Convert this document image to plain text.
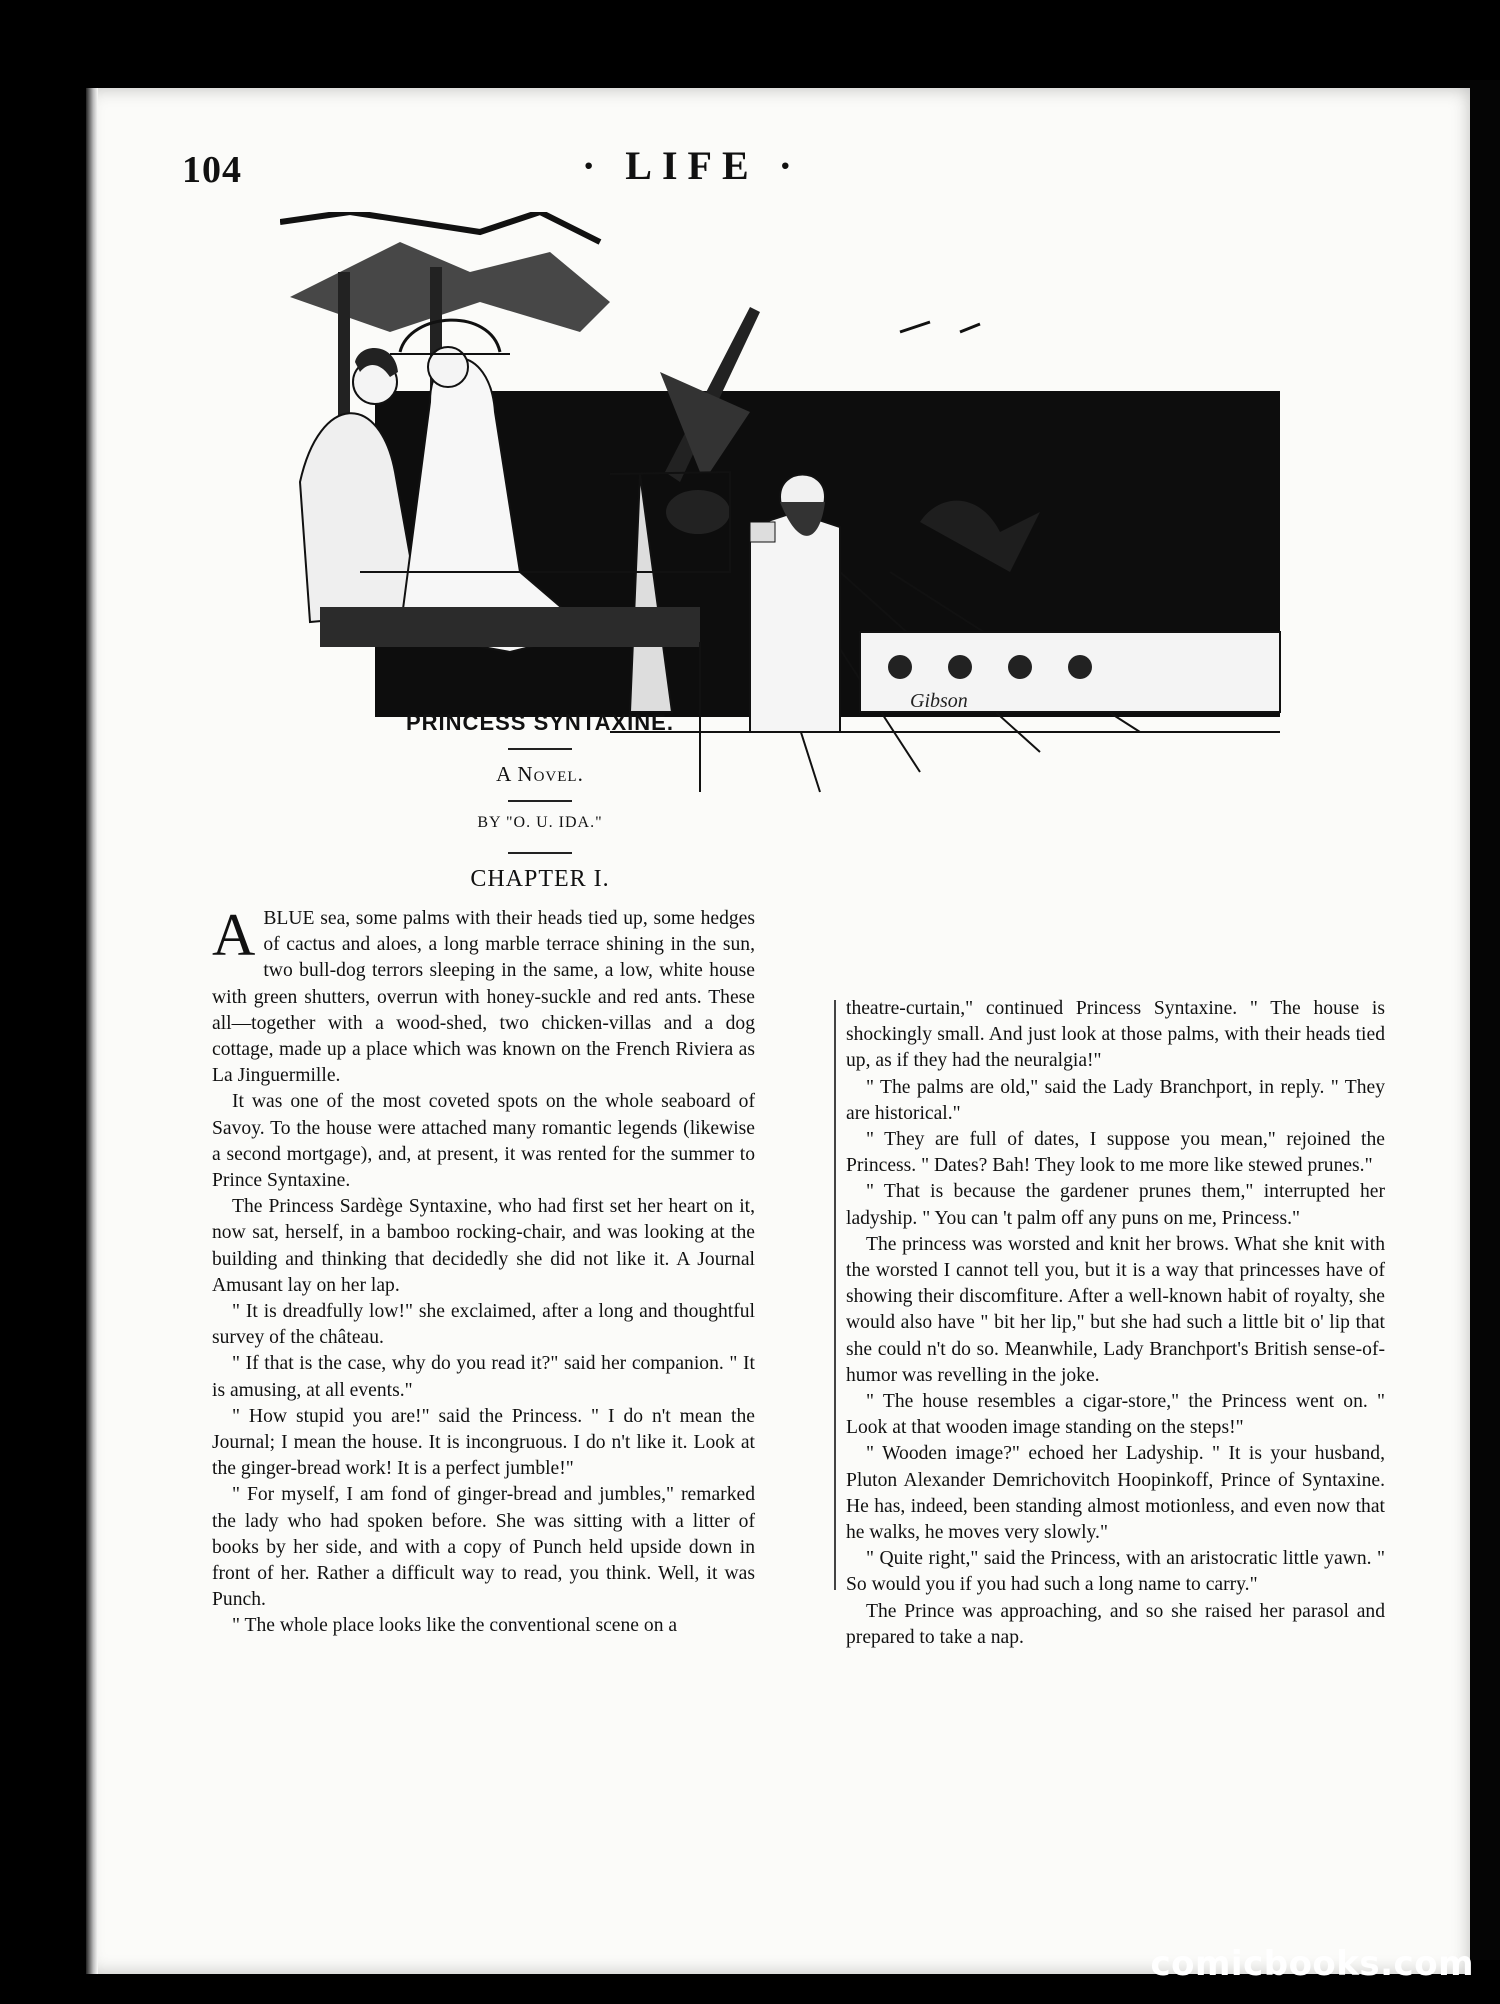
104	· LIFE ·
Gibson
PRINCESS SYNTAXINE.
A Novel.
BY "O. U. IDA."
CHAPTER I.

ABLUE sea, some palms with their heads tied up, some hedges of cactus and aloes, a long marble terrace shining in the sun, two bull-dog terrors sleeping in the same, a low, white house with green shutters, overrun with honey-suckle and red ants. These all—together with a wood-shed, two chicken-villas and a dog cottage, made up a place which was known on the French Riviera as La Jinguermille.

It was one of the most coveted spots on the whole seaboard of Savoy. To the house were attached many romantic legends (likewise a second mortgage), and, at present, it was rented for the summer to Prince Syntaxine.

The Princess Sardège Syntaxine, who had first set her heart on it, now sat, herself, in a bamboo rocking-chair, and was looking at the building and thinking that decidedly she did not like it. A Journal Amusant lay on her lap.

" It is dreadfully low!" she exclaimed, after a long and thoughtful survey of the château.

" If that is the case, why do you read it?" said her companion. " It is amusing, at all events."

" How stupid you are!" said the Princess. " I do n't mean the Journal; I mean the house. It is incongruous. I do n't like it. Look at the ginger-bread work! It is a perfect jumble!"

" For myself, I am fond of ginger-bread and jumbles," remarked the lady who had spoken before. She was sitting with a litter of books by her side, and with a copy of Punch held upside down in front of her. Rather a difficult way to read, you think. Well, it was Punch.

" The whole place looks like the conventional scene on a

theatre-curtain," continued Princess Syntaxine. " The house is shockingly small. And just look at those palms, with their heads tied up, as if they had the neuralgia!"

" The palms are old," said the Lady Branchport, in reply. " They are historical."

" They are full of dates, I suppose you mean," rejoined the Princess. " Dates? Bah! They look to me more like stewed prunes."

" That is because the gardener prunes them," interrupted her ladyship. " You can 't palm off any puns on me, Princess."

The princess was worsted and knit her brows. What she knit with the worsted I cannot tell you, but it is a way that princesses have of showing their discomfiture. After a well-known habit of royalty, she would also have " bit her lip," but she had such a little bit o' lip that she could n't do so. Meanwhile, Lady Branchport's British sense-of-humor was revelling in the joke.

" The house resembles a cigar-store," the Princess went on. " Look at that wooden image standing on the steps!"

" Wooden image?" echoed her Ladyship. " It is your husband, Pluton Alexander Demrichovitch Hoopinkoff, Prince of Syntaxine. He has, indeed, been standing almost motionless, and even now that he walks, he moves very slowly."

" Quite right," said the Princess, with an aristocratic little yawn. " So would you if you had such a long name to carry."

The Prince was approaching, and so she raised her parasol and prepared to take a nap.

comicbooks.com
